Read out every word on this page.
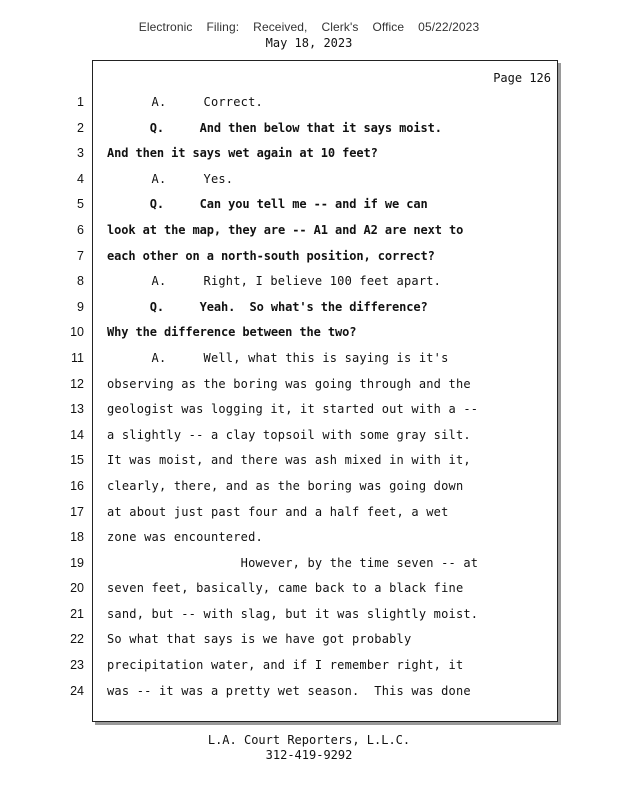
Electronic Filing: Received, Clerk's Office 05/22/2023
May 18, 2023
Page 126
1
2
3
4
5
6
7
8
9
10
11
12
13
14
15
16
17
18
19
20
21
22
23
24
A.     Correct.
Q.     And then below that it says moist.
And then it says wet again at 10 feet?
A.     Yes.
Q.     Can you tell me -- and if we can
look at the map, they are -- A1 and A2 are next to
each other on a north-south position, correct?
A.     Right, I believe 100 feet apart.
Q.     Yeah.  So what's the difference?
Why the difference between the two?
A.     Well, what this is saying is it's
observing as the boring was going through and the
geologist was logging it, it started out with a --
a slightly -- a clay topsoil with some gray silt.
It was moist, and there was ash mixed in with it,
clearly, there, and as the boring was going down
at about just past four and a half feet, a wet
zone was encountered.
However, by the time seven -- at
seven feet, basically, came back to a black fine
sand, but -- with slag, but it was slightly moist.
So what that says is we have got probably
precipitation water, and if I remember right, it
was -- it was a pretty wet season.  This was done
L.A. Court Reporters, L.L.C.
312-419-9292
